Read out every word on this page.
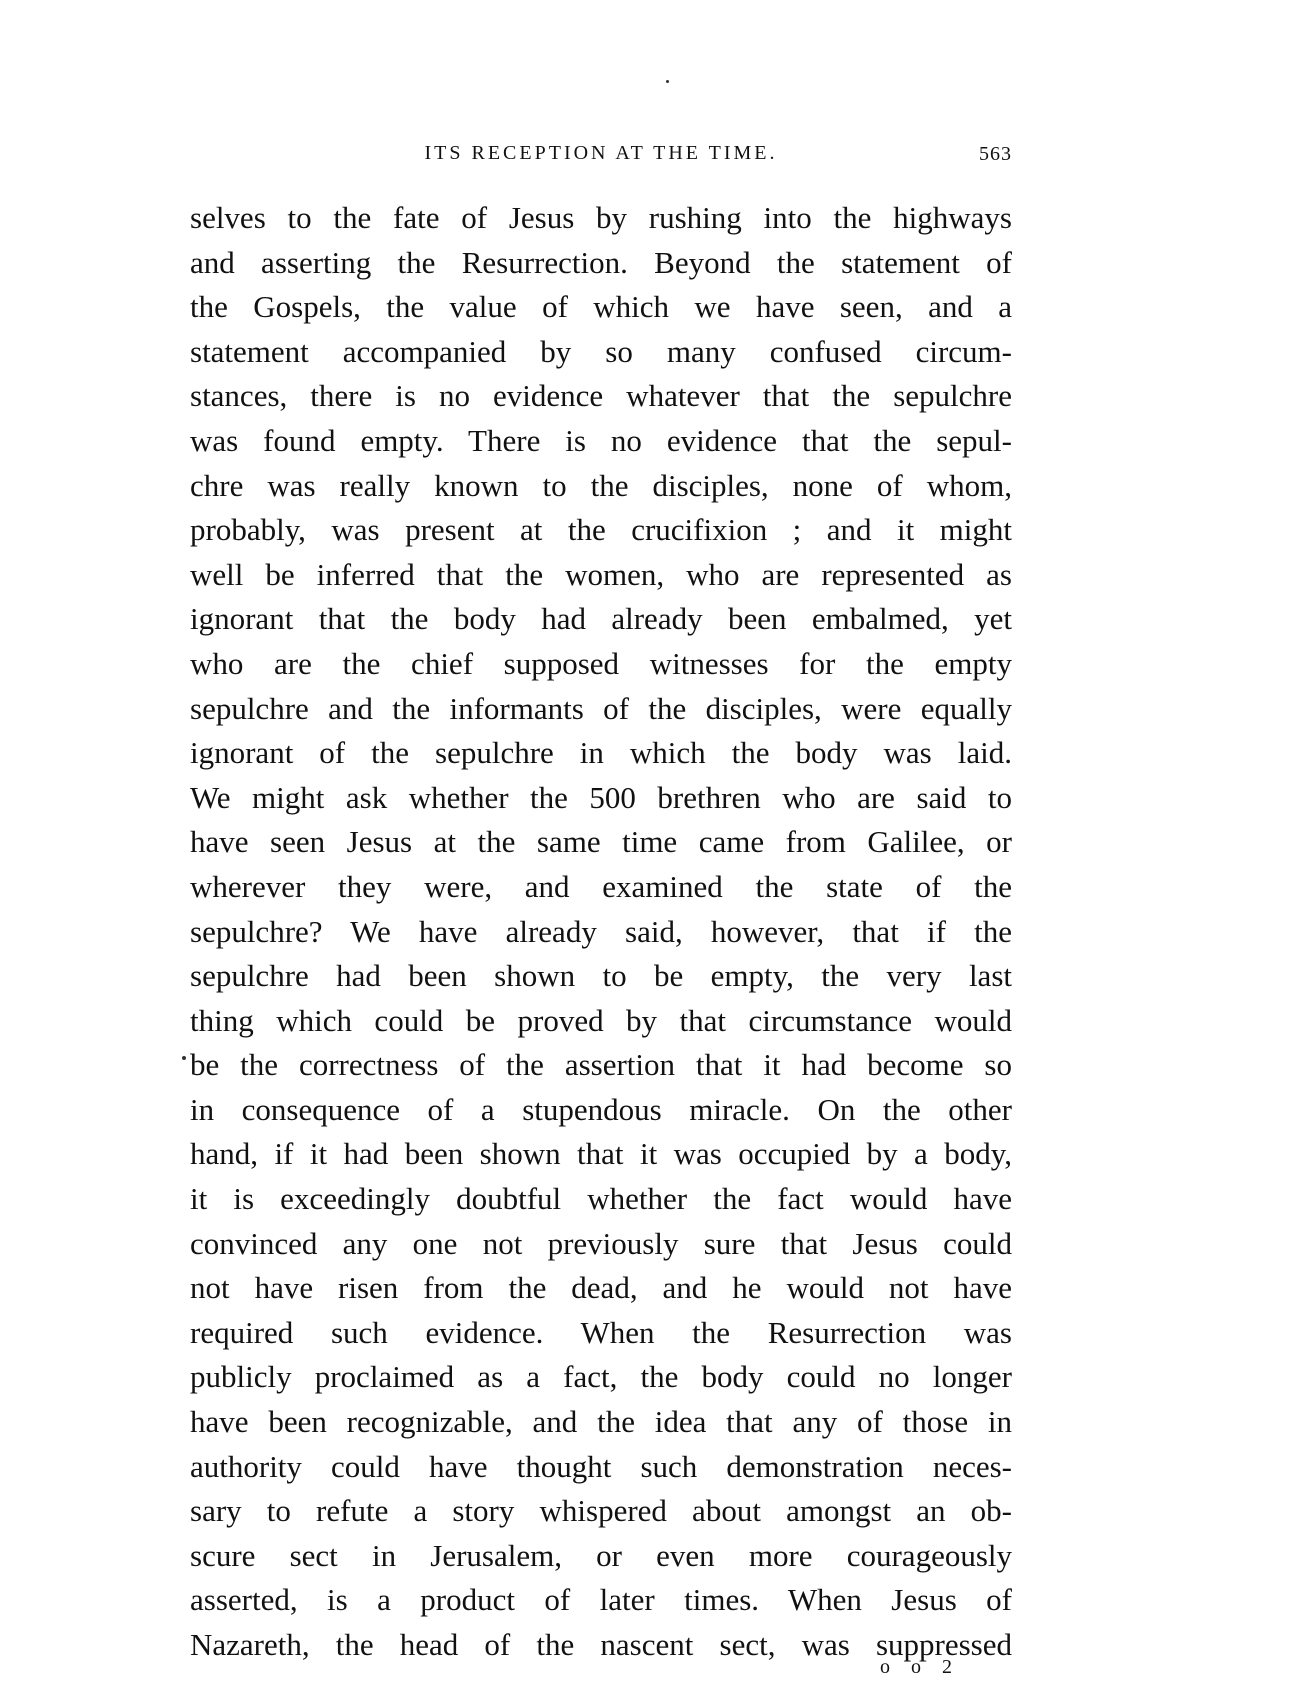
ITS RECEPTION AT THE TIME.	563
selves to the fate of Jesus by rushing into the highways
and asserting the Resurrection. Beyond the statement of
the Gospels, the value of which we have seen, and a
statement accompanied by so many confused circum-
stances, there is no evidence whatever that the sepulchre
was found empty. There is no evidence that the sepul-
chre was really known to the disciples, none of whom,
probably, was present at the crucifixion ; and it might
well be inferred that the women, who are represented as
ignorant that the body had already been embalmed, yet
who are the chief supposed witnesses for the empty
sepulchre and the informants of the disciples, were equally
ignorant of the sepulchre in which the body was laid.
We might ask whether the 500 brethren who are said to
have seen Jesus at the same time came from Galilee, or
wherever they were, and examined the state of the
sepulchre? We have already said, however, that if the
sepulchre had been shown to be empty, the very last
thing which could be proved by that circumstance would
be the correctness of the assertion that it had become so
in consequence of a stupendous miracle. On the other
hand, if it had been shown that it was occupied by a body,
it is exceedingly doubtful whether the fact would have
convinced any one not previously sure that Jesus could
not have risen from the dead, and he would not have
required such evidence. When the Resurrection was
publicly proclaimed as a fact, the body could no longer
have been recognizable, and the idea that any of those in
authority could have thought such demonstration neces-
sary to refute a story whispered about amongst an ob-
scure sect in Jerusalem, or even more courageously
asserted, is a product of later times. When Jesus of
Nazareth, the head of the nascent sect, was suppressed
o o 2
